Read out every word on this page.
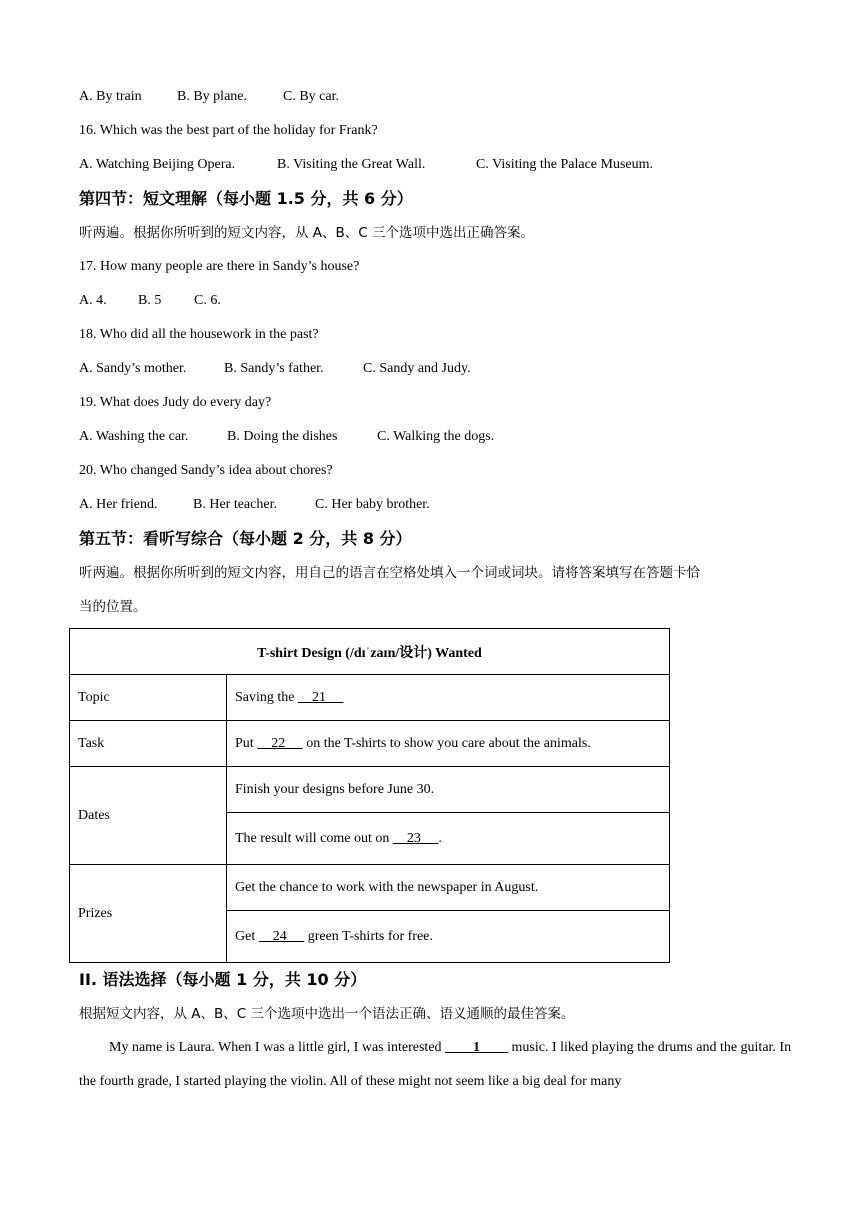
A. By train	B. By plane.	C. By car.
16. Which was the best part of the holiday for Frank?
A. Watching Beijing Opera.	B. Visiting the Great Wall.	C. Visiting the Palace Museum.
第四节：短文理解（每小题 1.5 分，共 6 分）
听两遍。根据你所听到的短文内容，从 A、B、C 三个选项中选出正确答案。
17. How many people are there in Sandy’s house?
A. 4. B. 5 C. 6.
18. Who did all the housework in the past?
A. Sandy’s mother.	B. Sandy’s father.	C. Sandy and Judy.
19. What does Judy do every day?
A. Washing the car.	B. Doing the dishes	C. Walking the dogs.
20. Who changed Sandy’s idea about chores?
A. Her friend.	B. Her teacher.	C. Her baby brother.
第五节：看听写综合（每小题 2 分，共 8 分）
听两遍。根据你所听到的短文内容，用自己的语言在空格处填入一个词或词块。请将答案填写在答题卡恰
当的位置。
T-shirt Design (/dɪˈzaɪn/设计) Wanted	
Topic	Saving the     21
Task	Put     22      on the T-shirts to show you care about the animals.
Dates	Finish your designs before June 30.
	The result will come out on     23     .
Prizes	Get the chance to work with the newspaper in August.
	Get     24      green T-shirts for free.
II. 语法选择（每小题 1 分，共 10 分）
根据短文内容，从 A、B、C 三个选项中选出一个语法正确、语义通顺的最佳答案。
My name is Laura. When I was a little girl, I was interested ____1____ music. I liked playing the drums and the guitar. In the fourth grade, I started playing the violin. All of these might not seem like a big deal for many
